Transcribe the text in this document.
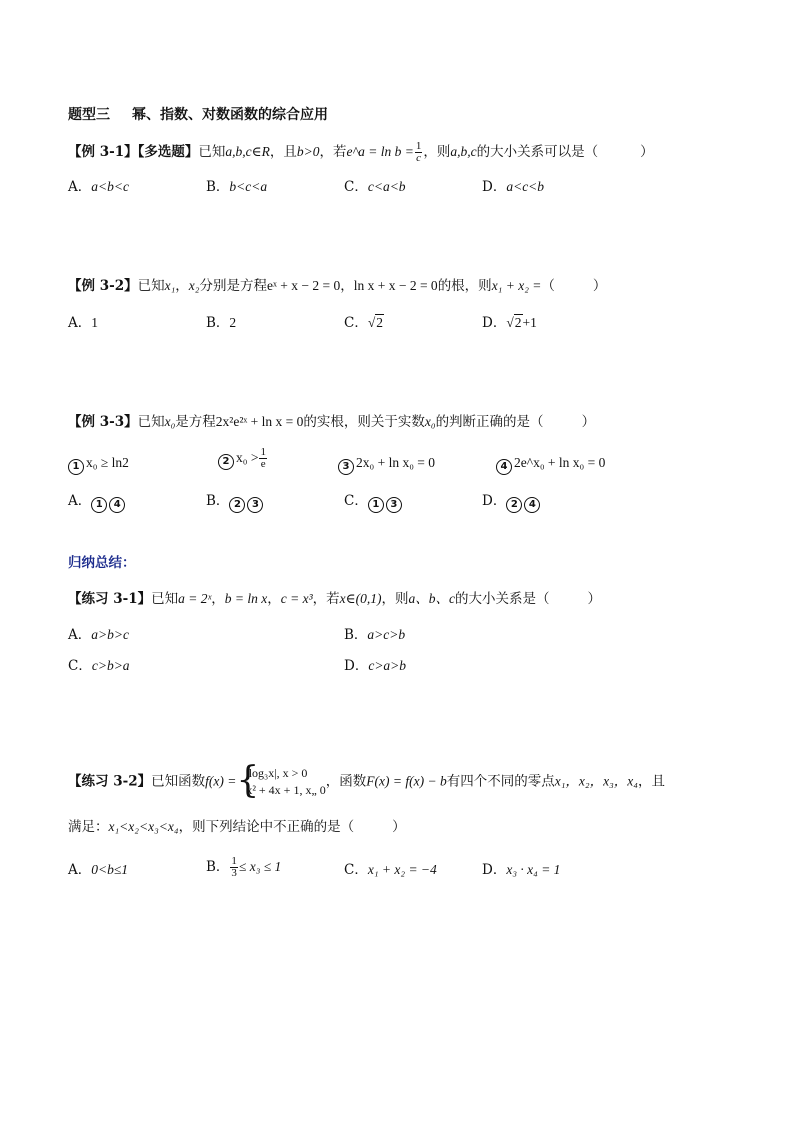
题型三 幂、指数、对数函数的综合应用
【例 3-1】【多选题】已知a,b,c∈R，且b>0，若e^a = $\ln b = \frac{1}{c}$ ，则a,b,c的大小关系可以是（	）
A．a<b<c	B．b<c<a	C．c<a<b	D．a<c<b
【例 3-2】已知x₁，x₂分别是方程eˣ + x − 2 = 0，ln x + x − 2 = 0的根，则x₁ + x₂ =（	）
A．1	B．2	C．√2	D．√2+1
【例 3-3】已知x₀是方程2x²e²ˣ + ln x = 0的实根，则关于实数x₀的判断正确的是（	）
1 x₀ ≥ ln2	2 $x_0 > \frac{1}{e}$	3 2x₀ + ln x₀ = 0	4 2e^x₀ + ln x₀ = 0
A． 1 4	B． 2 3	C． 1 3	D． 2 4
归纳总结：
【练习 3-1】已知a = 2ˣ，b = ln x，c = x³，若x∈(0,1)，则a、b、c的大小关系是（	）
A．a>b>c	B．a>c>b
C．c>b>a	D．c>a>b
【练习 3-2】已知函数f(x) = {
|log₃x|, x > 0
x² + 4x + 1, x„ 0
，函数F(x) = f(x) − b有四个不同的零点x₁，x₂，x₃，x₄，且
满足：x₁<x₂<x₃<x₄，则下列结论中不正确的是（	）
A．0<b≤1	B． $\frac{1}{3} \le x_3 \le 1$	C．x₁ + x₂ = −4	D．x₃ · x₄ = 1
